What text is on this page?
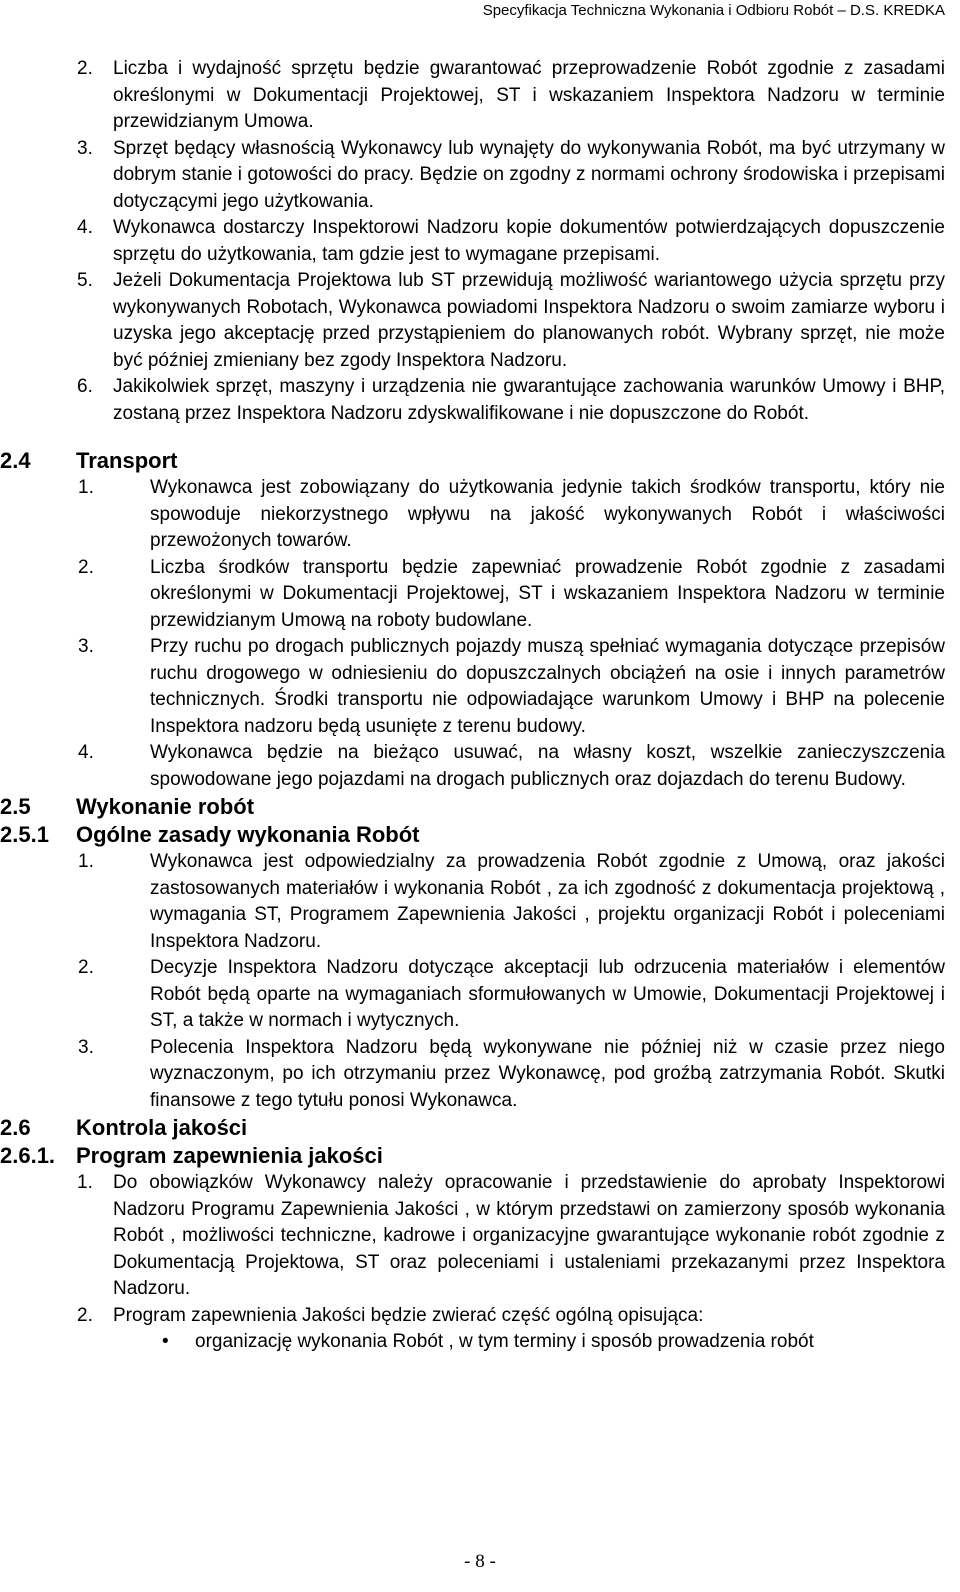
Specyfikacja Techniczna Wykonania i Odbioru Robót – D.S. KREDKA
2. Liczba i wydajność sprzętu będzie gwarantować przeprowadzenie Robót zgodnie z zasadami określonymi w Dokumentacji Projektowej, ST i wskazaniem Inspektora Nadzoru w terminie przewidzianym Umowa.
3. Sprzęt będący własnością Wykonawcy lub wynajęty do wykonywania Robót, ma być utrzymany w dobrym stanie i gotowości do pracy. Będzie on zgodny z normami ochrony środowiska i przepisami dotyczącymi jego użytkowania.
4. Wykonawca dostarczy Inspektorowi Nadzoru kopie dokumentów potwierdzających dopuszczenie sprzętu do użytkowania, tam gdzie jest to wymagane przepisami.
5. Jeżeli Dokumentacja Projektowa lub ST przewidują możliwość wariantowego użycia sprzętu przy wykonywanych Robotach, Wykonawca powiadomi Inspektora Nadzoru o swoim zamiarze wyboru i uzyska jego akceptację przed przystąpieniem do planowanych robót. Wybrany sprzęt, nie może być później zmieniany bez zgody Inspektora Nadzoru.
6. Jakikolwiek sprzęt, maszyny i urządzenia nie gwarantujące zachowania warunków Umowy i BHP, zostaną przez Inspektora Nadzoru zdyskwalifikowane i nie dopuszczone do Robót.
2.4 Transport
1.	Wykonawca jest zobowiązany do użytkowania jedynie takich środków transportu, który nie spowoduje niekorzystnego wpływu na jakość wykonywanych Robót i właściwości przewożonych towarów.
2.	Liczba środków transportu będzie zapewniać prowadzenie Robót zgodnie z zasadami określonymi w Dokumentacji Projektowej, ST i wskazaniem Inspektora Nadzoru w terminie przewidzianym Umową na roboty budowlane.
3.	Przy ruchu po drogach publicznych pojazdy muszą spełniać wymagania dotyczące przepisów ruchu drogowego w odniesieniu do dopuszczalnych obciążeń na osie i innych parametrów technicznych. Środki transportu nie odpowiadające warunkom Umowy i BHP na polecenie Inspektora nadzoru będą usunięte z terenu budowy.
4.	Wykonawca będzie na bieżąco usuwać, na własny koszt, wszelkie zanieczyszczenia spowodowane jego pojazdami na drogach publicznych oraz dojazdach do terenu Budowy.
2.5 Wykonanie robót
2.5.1 Ogólne zasady wykonania Robót
1.	Wykonawca jest odpowiedzialny za prowadzenia Robót zgodnie z Umową, oraz jakości zastosowanych materiałów i wykonania Robót , za ich zgodność z dokumentacja projektową , wymagania ST, Programem Zapewnienia Jakości , projektu organizacji Robót i poleceniami Inspektora Nadzoru.
2.	Decyzje Inspektora Nadzoru dotyczące akceptacji lub odrzucenia materiałów i elementów Robót będą oparte na wymaganiach sformułowanych w Umowie, Dokumentacji Projektowej i ST, a także w normach i wytycznych.
3.	Polecenia Inspektora Nadzoru będą wykonywane nie później niż w czasie przez niego wyznaczonym, po ich otrzymaniu przez Wykonawcę, pod groźbą zatrzymania Robót. Skutki finansowe z tego tytułu ponosi Wykonawca.
2.6 Kontrola jakości
2.6.1. Program zapewnienia jakości
1. Do obowiązków Wykonawcy należy opracowanie i przedstawienie do aprobaty Inspektorowi Nadzoru Programu Zapewnienia Jakości , w którym przedstawi on zamierzony sposób wykonania Robót , możliwości techniczne, kadrowe i organizacyjne gwarantujące wykonanie robót zgodnie z Dokumentacją Projektowa, ST oraz poleceniami i ustaleniami przekazanymi przez Inspektora Nadzoru.
2. Program zapewnienia Jakości będzie zwierać część ogólną opisująca:
• organizację wykonania Robót , w tym terminy i sposób prowadzenia robót
- 8 -
